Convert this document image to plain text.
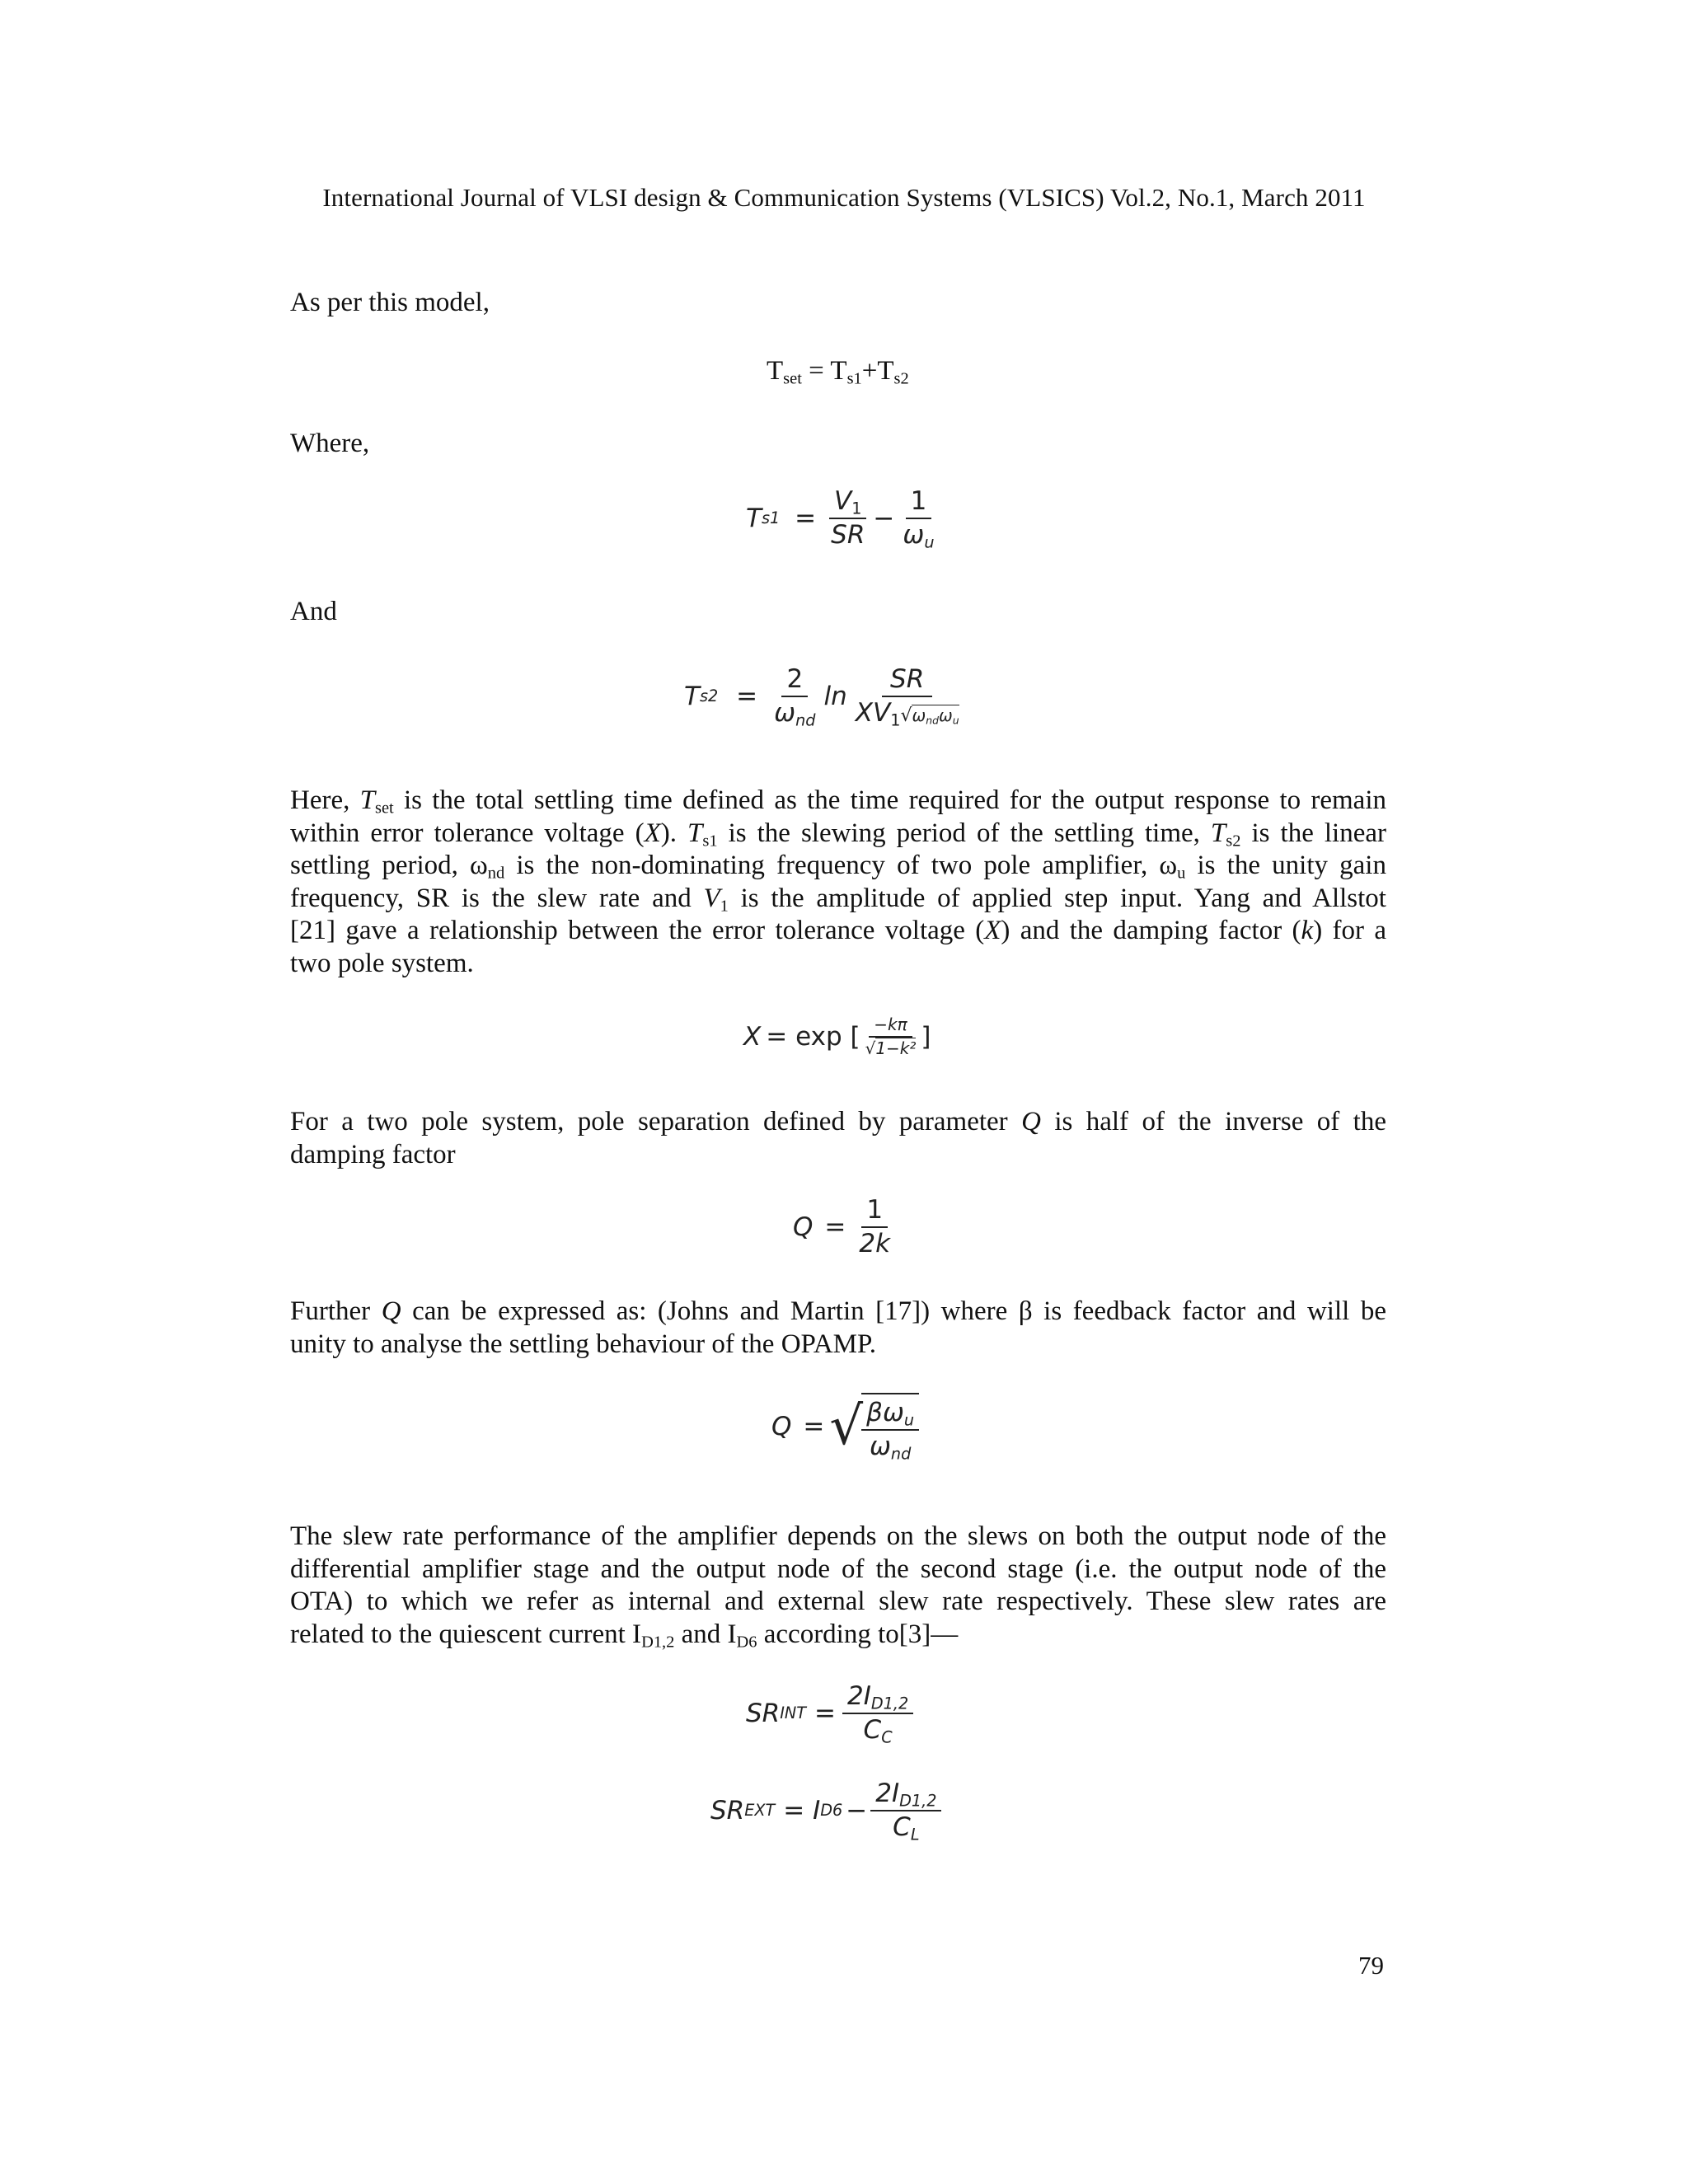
International Journal of VLSI design & Communication Systems (VLSICS) Vol.2, No.1, March 2011
As per this model,
$T_{set} = T_{s1}+T_{s2}$
Where,
T $s1 = \frac{V_1}{SR} - \frac{1}{\omega_u}$
And
T $s2 = \frac{2}{\omega_{nd}}$ $\ln \frac{SR}{XV_1√\omega_{nd}\omega_u}$
Here, $T_{set}$ is the total settling time defined as the time required for the output response to remain
within error tolerance voltage (X). $T_{s1}$ is the slewing period of the settling time, $T_{s2}$ is the linear
settling period, $\omega_{nd}$ is the non-dominating frequency of two pole amplifier, $\omega_u$ is the unity gain
frequency, SR is the slew rate and $V_1$ is the amplitude of applied step input. Yang and Allstot
[21] gave a relationship between the error tolerance voltage (X) and the damping factor (k) for a
two pole system.
X = exp [ $\frac{-k\pi}{\text{√1−k²}}$ ]
For a two pole system, pole separation defined by parameter Q is half of the inverse of the
damping factor
$Q = \frac{1}{2k}$
Further Q can be expressed as: (Johns and Martin [17]) where β is feedback factor and will be
unity to analyse the settling behaviour of the OPAMP.
Q = √
$\frac{\beta\omega_u}{\omega_{nd}}$
The slew rate performance of the amplifier depends on the slews on both the output node of the
differential amplifier stage and the output node of the second stage (i.e. the output node of the
OTA) to which we refer as internal and external slew rate respectively. These slew rates are
related to the quiescent current $I_{D1,2}$ and $I_{D6}$ according to[3]—
SR INT = $\frac{2I_{D1,2}}{C_C}$
SR EXT = I $D6 - \frac{2I_{D1,2}}{C_L}$
79
